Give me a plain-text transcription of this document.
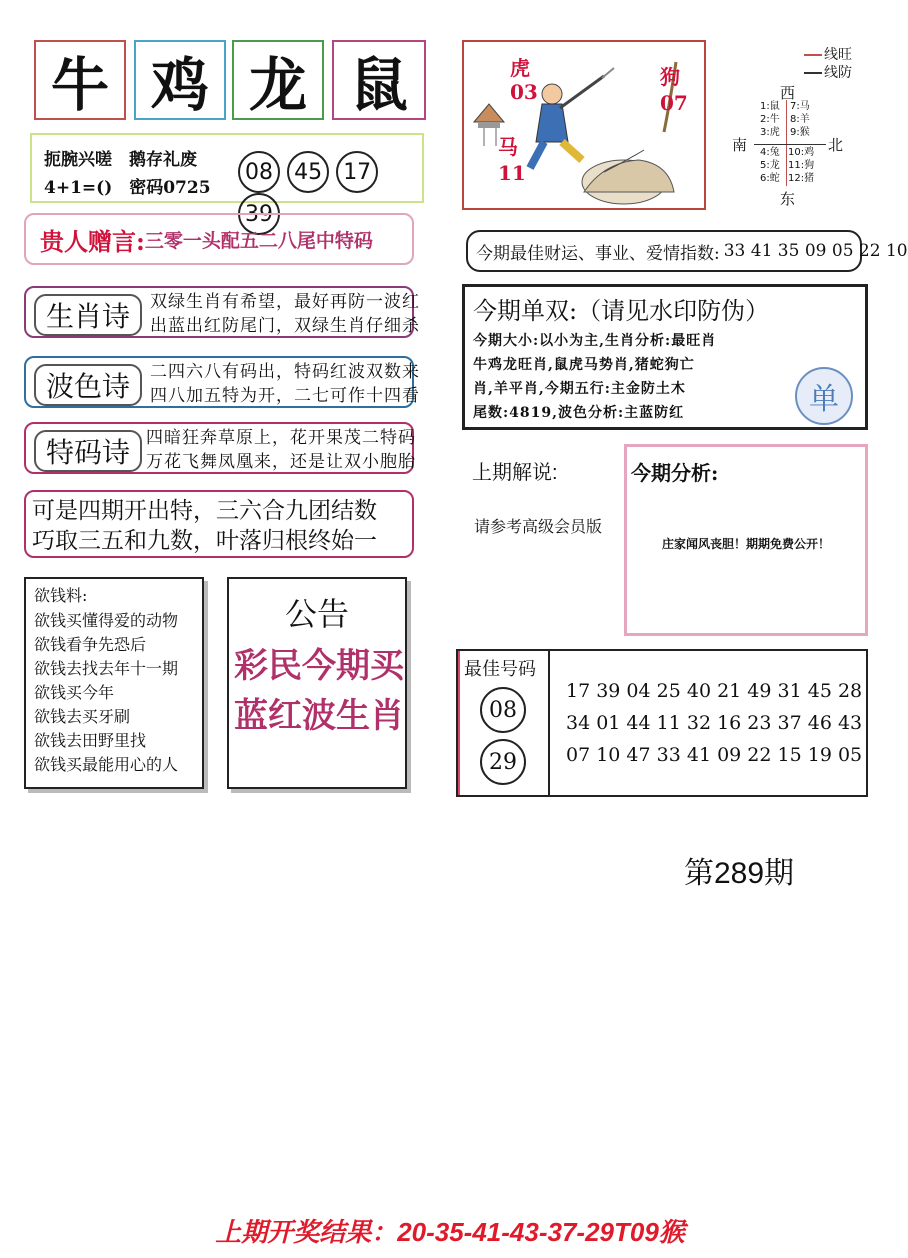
牛 鸡 龙 鼠
扼腕兴嗟　鹅存礼废
4+1=()　密码0725
08 45 17 39
贵人赠言: 三零一头配五二八尾中特码
生肖诗	双绿生肖有希望，最好再防一波红
出蓝出红防尾门，双绿生肖仔细杀
波色诗	二四六八有码出，特码红波双数来
四八加五特为开，二七可作十四看
特码诗 四暗狂奔草原上，花开果茂二特码
万花飞舞凤凰来，还是让双小胞胎
可是四期开出特，三六合九团结数
巧取三五和九数，叶落归根终始一
欲钱料:
欲钱买懂得爱的动物
欲钱看争先恐后
欲钱去找去年十一期
欲钱买今年
欲钱去买牙刷
欲钱去田野里找
欲钱买最能用心的人
公告
彩民今期买
蓝红波生肖
虎
03
狗
07
马
11
线旺
线防
西
南	北
东
1:鼠
2:牛
3:虎
7:马
8:羊
9:猴
4:兔
5:龙
6:蛇
10:鸡
11:狗
12:猪
今期最佳财运、事业、爱情指数: 33 41 35 09 05 22 10
今期单双:（请见水印防伪）
今期大小:以小为主,生肖分析:最旺肖
牛鸡龙旺肖,鼠虎马势肖,猪蛇狗亡
肖,羊平肖,今期五行:主金防土木
尾数:4819,波色分析:主蓝防红	单
上期解说:
请参考高级会员版
今期分析:
庄家闻风丧胆！期期免费公开！
最佳号码
08
29
17 39 04 25 40 21 49 31 45 28
34 01 44 11 32 16 23 37 46 43
07 10 47 33 41 09 22 15 19 05
第289期
上期开奖结果：20-35-41-43-37-29T09猴
